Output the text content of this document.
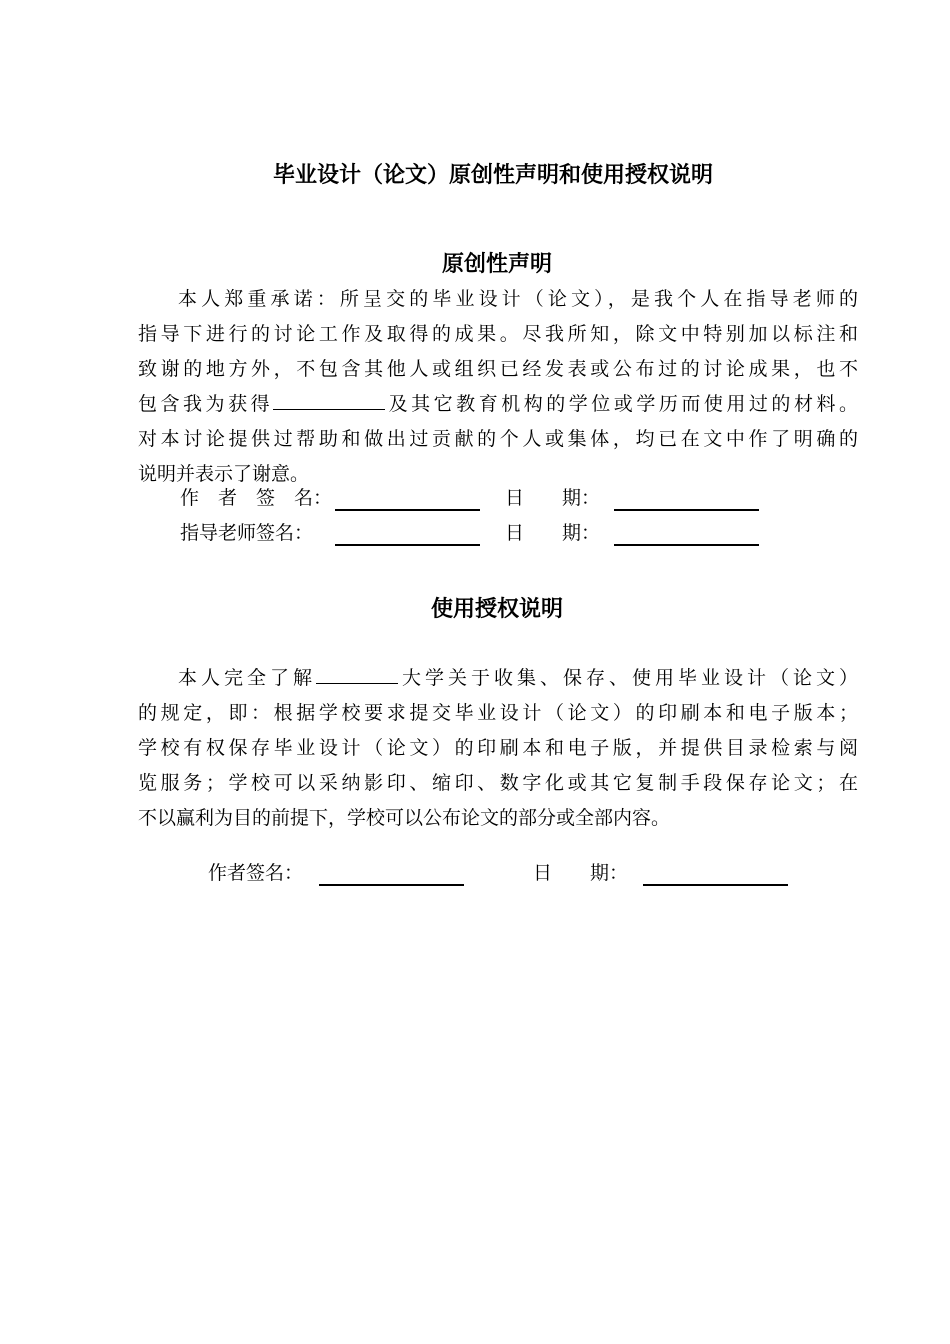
毕业设计（论文）原创性声明和使用授权说明
原创性声明
本人郑重承诺：所呈交的毕业设计（论文），是我个人在指导老师的
指导下进行的讨论工作及取得的成果。尽我所知，除文中特别加以标注和
致谢的地方外，不包含其他人或组织已经发表或公布过的讨论成果，也不
包含我为获得	及其它教育机构的学位或学历而使用过的材料。
对本讨论提供过帮助和做出过贡献的个人或集体，均已在文中作了明确的
说明并表示了谢意。
作　者　签　名：	日　　期：
指导老师签名：	日　　期：
使用授权说明
本人完全了解	大学关于收集、保存、使用毕业设计（论文）
的规定，即：根据学校要求提交毕业设计（论文）的印刷本和电子版本；
学校有权保存毕业设计（论文）的印刷本和电子版，并提供目录检索与阅
览服务；学校可以采纳影印、缩印、数字化或其它复制手段保存论文；在
不以赢利为目的前提下，学校可以公布论文的部分或全部内容。
作者签名：	日　　期：
